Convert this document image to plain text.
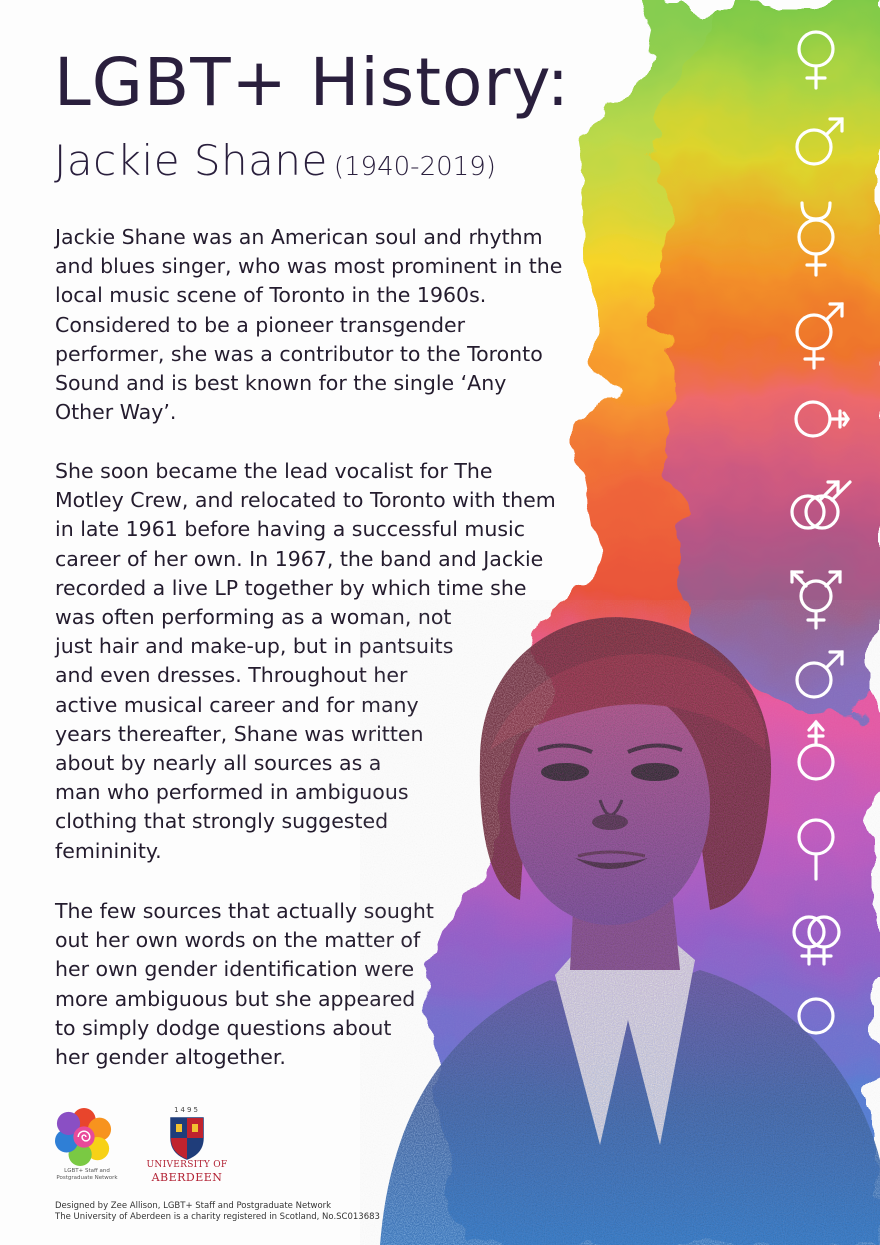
LGBT+ History:
Jackie Shane (1940-2019)
Jackie Shane was an American soul and rhythm
and blues singer, who was most prominent in the
local music scene of Toronto in the 1960s.
Considered to be a pioneer transgender
performer, she was a contributor to the Toronto
Sound and is best known for the single ‘Any
Other Way’.
She soon became the lead vocalist for The
Motley Crew, and relocated to Toronto with them
in late 1961 before having a successful music
career of her own. In 1967, the band and Jackie
recorded a live LP together by which time she
was often performing as a woman, not
just hair and make-up, but in pantsuits
and even dresses. Throughout her
active musical career and for many
years thereafter, Shane was written
about by nearly all sources as a
man who performed in ambiguous
clothing that strongly suggested
femininity.
The few sources that actually sought
out her own words on the matter of
her own gender identification were
more ambiguous but she appeared
to simply dodge questions about
her gender altogether.
LGBT+ Staff and
Postgraduate Network
1495
UNIVERSITY OF
ABERDEEN
Designed by Zee Allison, LGBT+ Staff and Postgraduate Network
The University of Aberdeen is a charity registered in Scotland, No.SC013683
